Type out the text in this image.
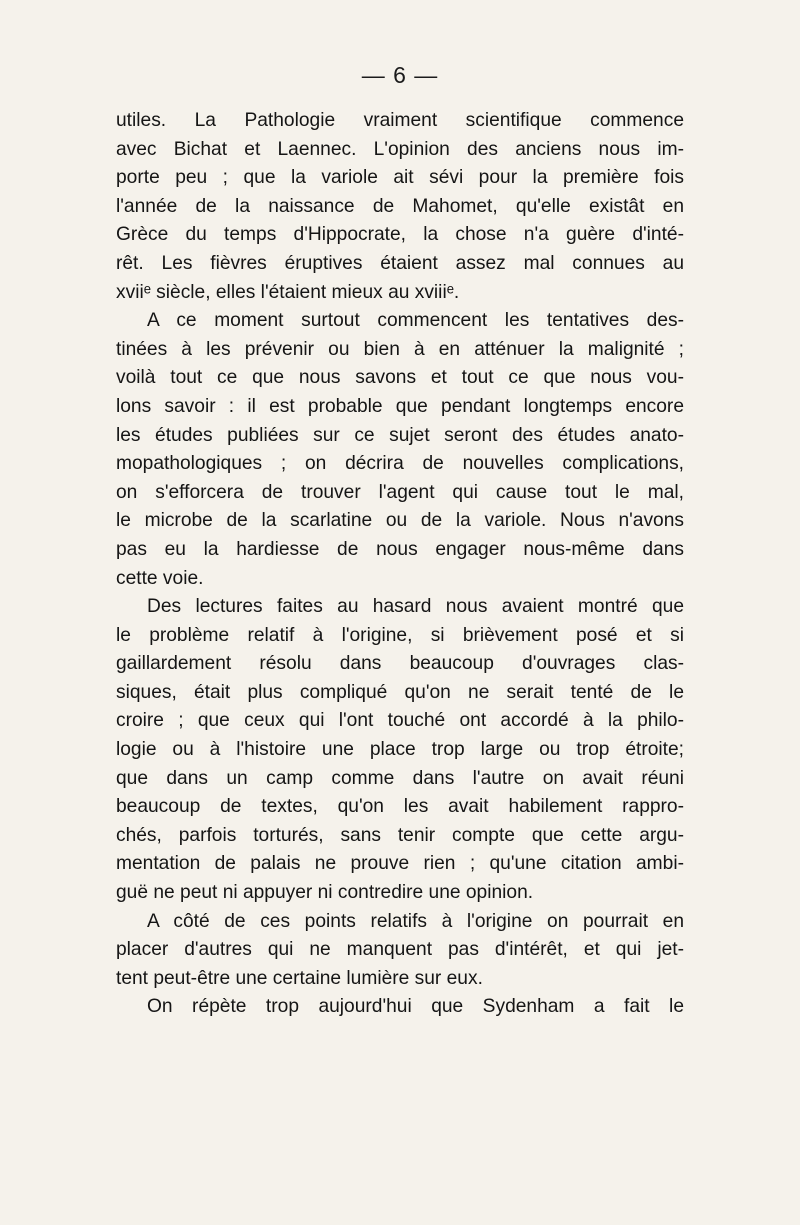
— 6 —
utiles. La Pathologie vraiment scientifique commence
avec Bichat et Laennec. L'opinion des anciens nous im-
porte peu ; que la variole ait sévi pour la première fois
l'année de la naissance de Mahomet, qu'elle existât en
Grèce du temps d'Hippocrate, la chose n'a guère d'inté-
rêt. Les fièvres éruptives étaient assez mal connues au
xviiᵉ siècle, elles l'étaient mieux au xviiiᵉ.
A ce moment surtout commencent les tentatives des-
tinées à les prévenir ou bien à en atténuer la malignité ;
voilà tout ce que nous savons et tout ce que nous vou-
lons savoir : il est probable que pendant longtemps encore
les études publiées sur ce sujet seront des études anato-
mopathologiques ; on décrira de nouvelles complications,
on s'efforcera de trouver l'agent qui cause tout le mal,
le microbe de la scarlatine ou de la variole. Nous n'avons
pas eu la hardiesse de nous engager nous-même dans
cette voie.
Des lectures faites au hasard nous avaient montré que
le problème relatif à l'origine, si brièvement posé et si
gaillardement résolu dans beaucoup d'ouvrages clas-
siques, était plus compliqué qu'on ne serait tenté de le
croire ; que ceux qui l'ont touché ont accordé à la philo-
logie ou à l'histoire une place trop large ou trop étroite;
que dans un camp comme dans l'autre on avait réuni
beaucoup de textes, qu'on les avait habilement rappro-
chés, parfois torturés, sans tenir compte que cette argu-
mentation de palais ne prouve rien ; qu'une citation ambi-
guë ne peut ni appuyer ni contredire une opinion.
A côté de ces points relatifs à l'origine on pourrait en
placer d'autres qui ne manquent pas d'intérêt, et qui jet-
tent peut-être une certaine lumière sur eux.
On répète trop aujourd'hui que Sydenham a fait le
